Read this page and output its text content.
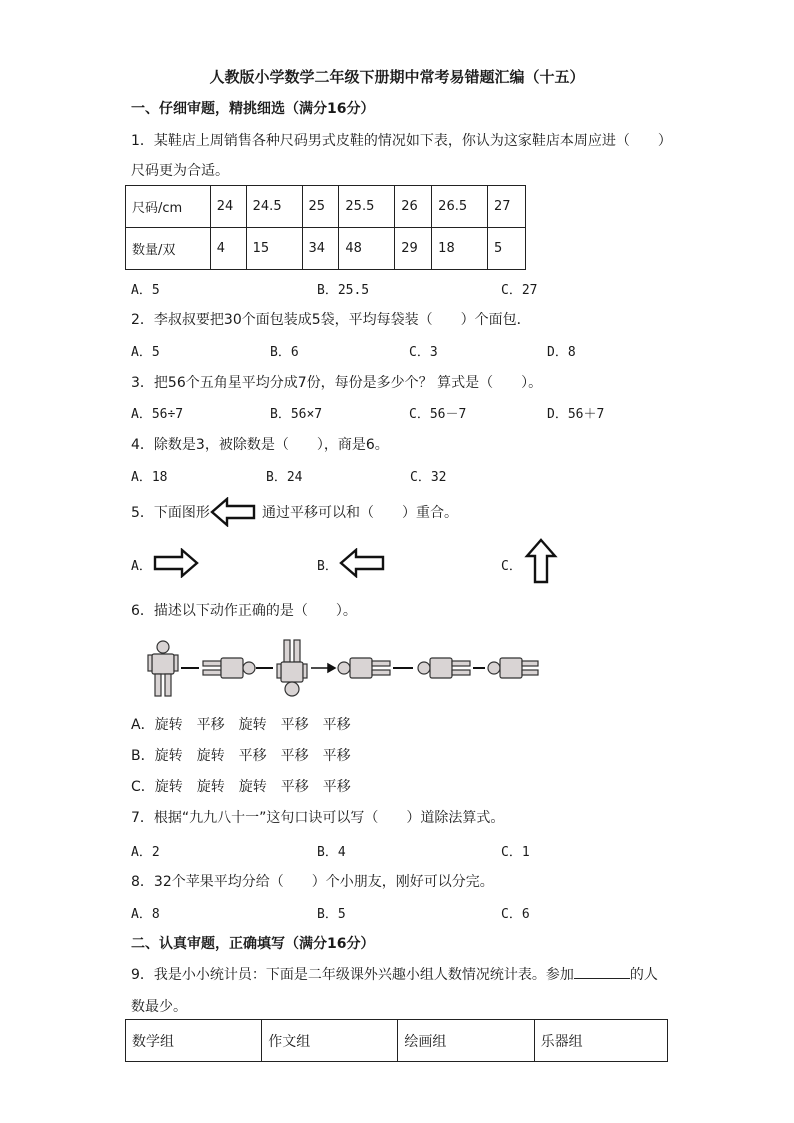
人教版小学数学二年级下册期中常考易错题汇编（十五）
一、仔细审题，精挑细选（满分16分）
1．某鞋店上周销售各种尺码男式皮鞋的情况如下表，你认为这家鞋店本周应进（　　）
尺码更为合适。
尺码/cm	24	24.5	25	25.5	26	26.5	27
数量/双	4	15	34	48	29	18	5
A．5	B．25.5	C．27
2．李叔叔要把30个面包装成5袋，平均每袋装（　　）个面包．
A．5	B．6	C．3	D．8
3．把56个五角星平均分成7份，每份是多少个？ 算式是（　　）。
A．56÷7	B．56×7	C．56－7	D．56＋7
4．除数是3，被除数是（　　），商是6。
A．18	B．24	C．32
5．下面图形	通过平移可以和（　　）重合。
A．	B．	C．
6．描述以下动作正确的是（　　）。
A．旋转　平移　旋转　平移　平移
B．旋转　旋转　平移　平移　平移
C．旋转　旋转　旋转　平移　平移
7．根据“九九八十一”这句口诀可以写（　　）道除法算式。
A．2	B．4	C．1
8．32个苹果平均分给（　　）个小朋友，刚好可以分完。
A．8	B．5	C．6
二、认真审题，正确填写（满分16分）
9．我是小小统计员：下面是二年级课外兴趣小组人数情况统计表。参加	的人
数最少。
数学组	作文组	绘画组	乐器组
